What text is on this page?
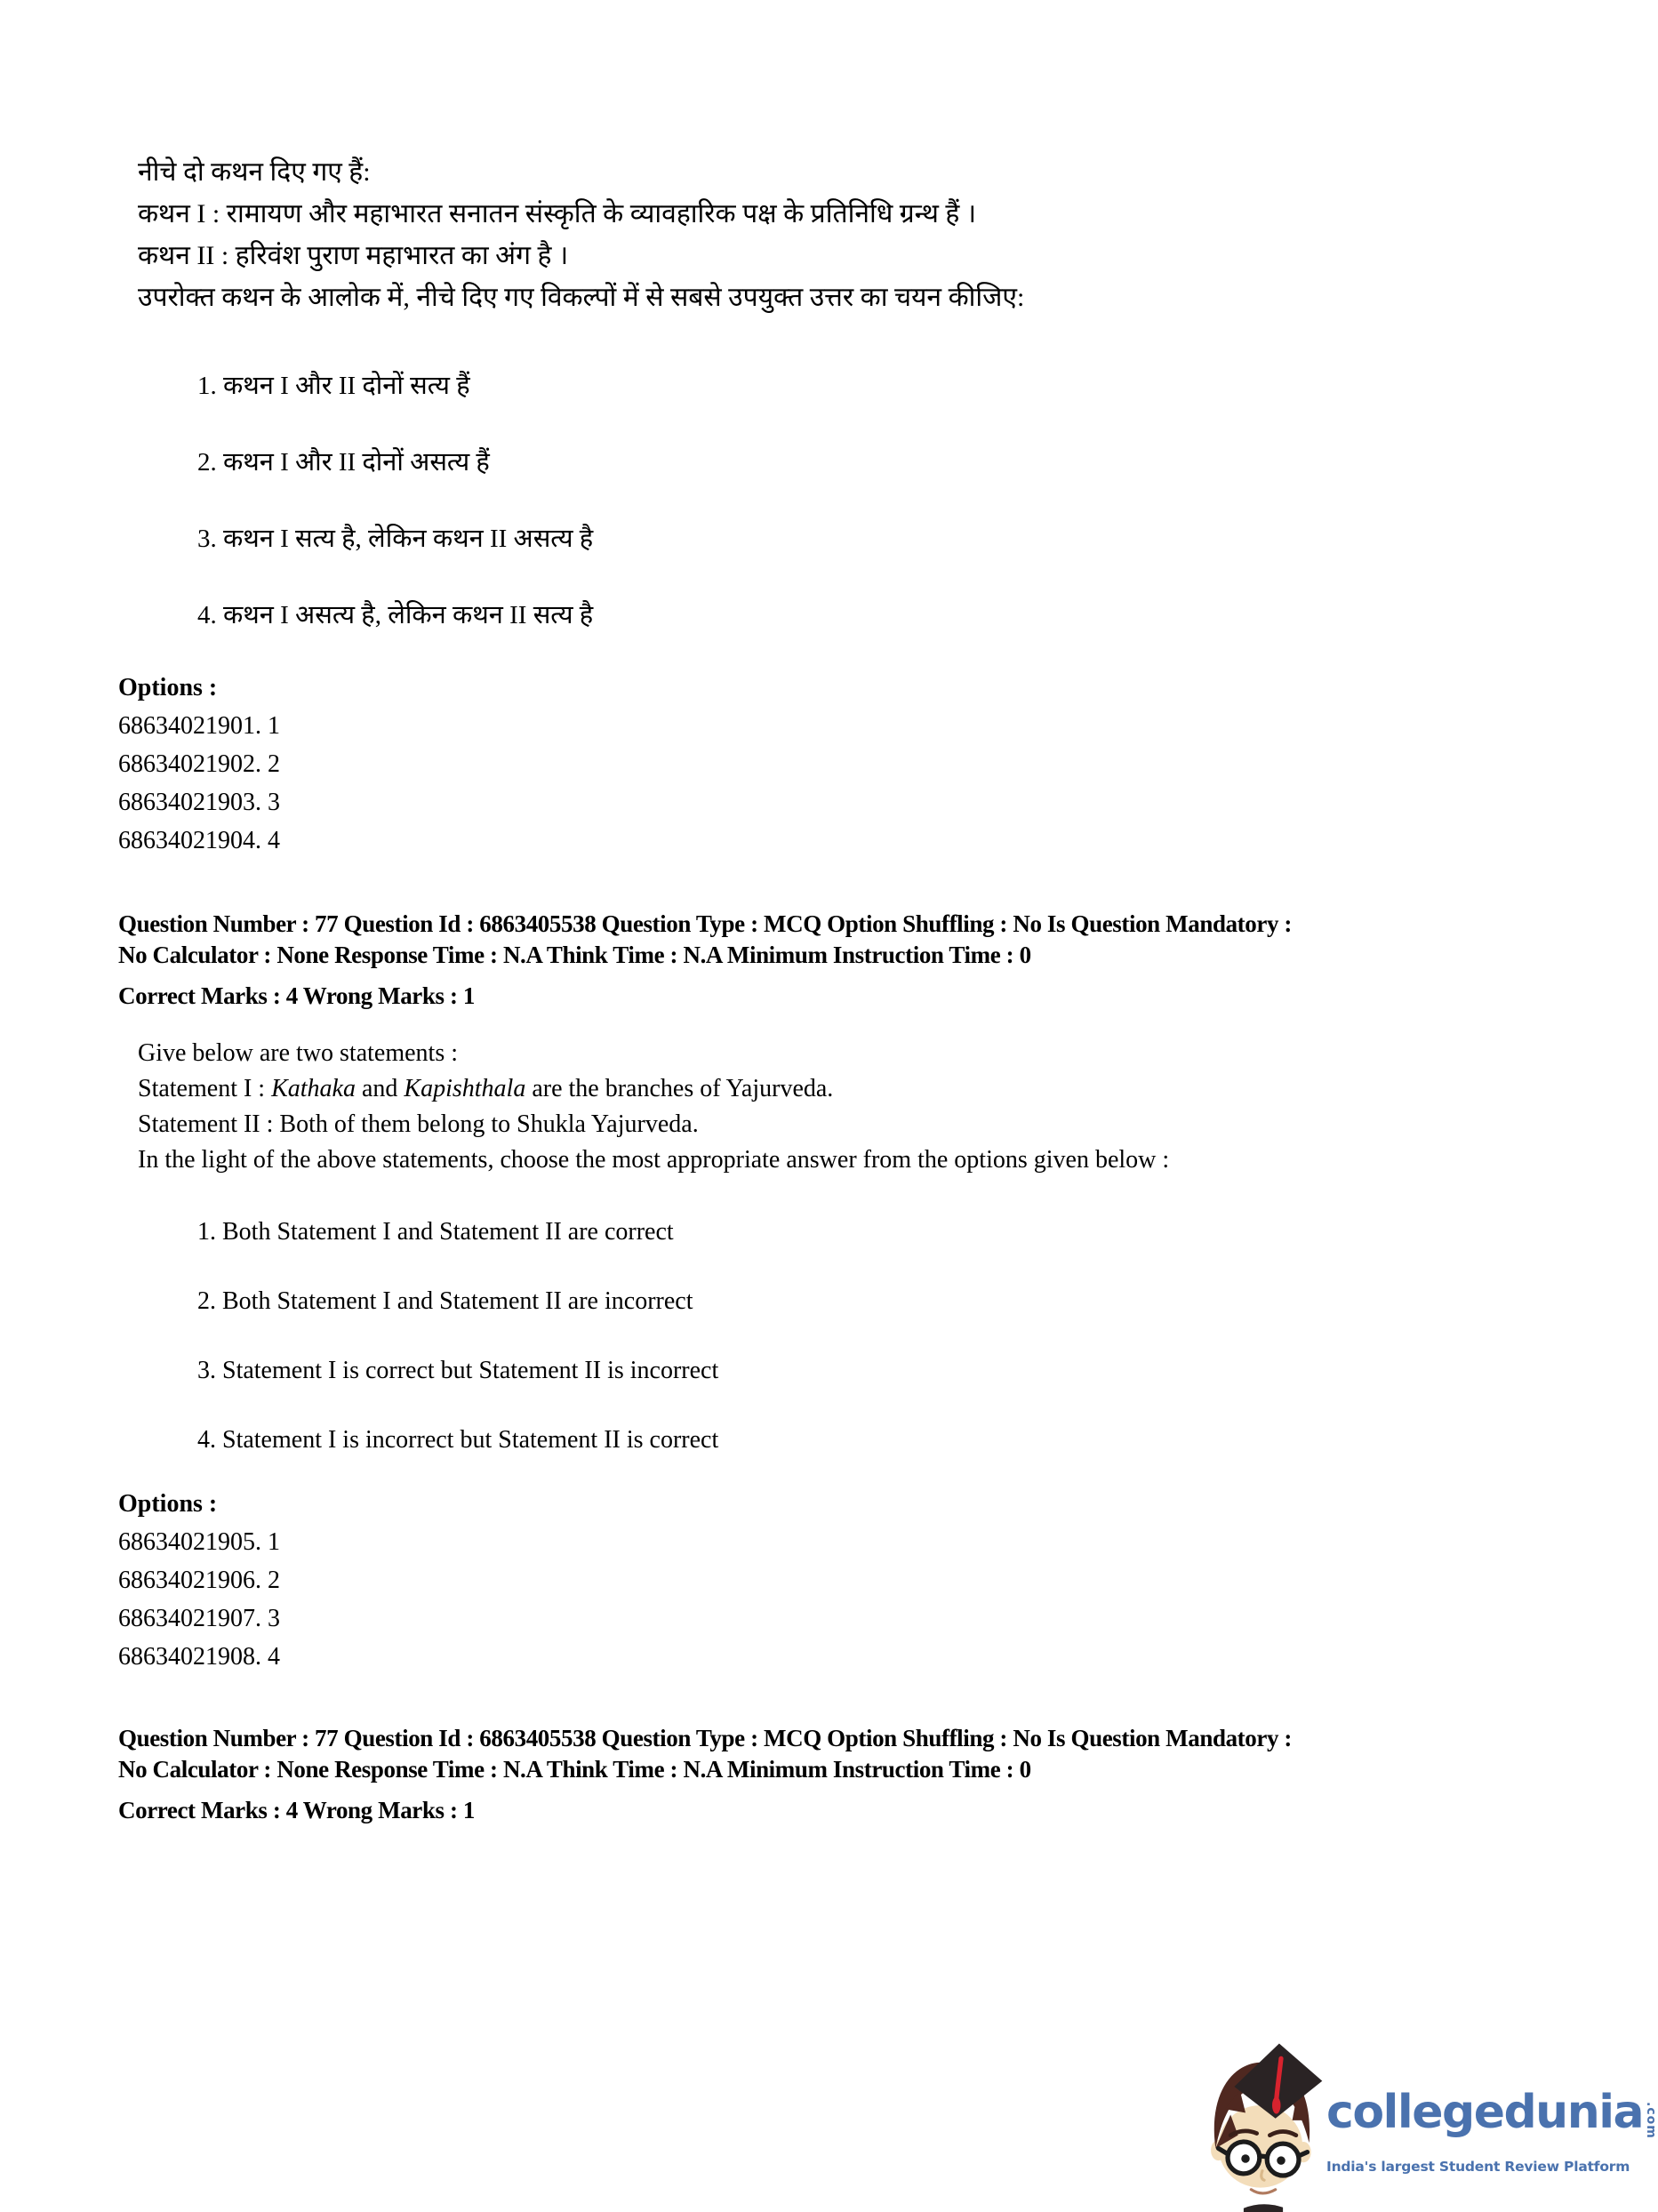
नीचे दो कथन दिए गए हैं:
कथन I : रामायण और महाभारत सनातन संस्कृति के व्यावहारिक पक्ष के प्रतिनिधि ग्रन्थ हैं ।
कथन II : हरिवंश पुराण महाभारत का अंग है ।
उपरोक्त कथन के आलोक में, नीचे दिए गए विकल्पों में से सबसे उपयुक्त उत्तर का चयन कीजिए:
1. कथन I और II दोनों सत्य हैं
2. कथन I और II दोनों असत्य हैं
3. कथन I सत्य है, लेकिन कथन II असत्य है
4. कथन I असत्य है, लेकिन कथन II सत्य है
Options :
68634021901. 1
68634021902. 2
68634021903. 3
68634021904. 4
Question Number : 77 Question Id : 6863405538 Question Type : MCQ Option Shuffling : No Is Question Mandatory :
No Calculator : None Response Time : N.A Think Time : N.A Minimum Instruction Time : 0
Correct Marks : 4 Wrong Marks : 1
Give below are two statements :
Statement I : Kathaka and Kapishthala are the branches of Yajurveda.
Statement II : Both of them belong to Shukla Yajurveda.
In the light of the above statements, choose the most appropriate answer from the options given below :
1. Both Statement I and Statement II are correct
2. Both Statement I and Statement II are incorrect
3. Statement I is correct but Statement II is incorrect
4. Statement I is incorrect but Statement II is correct
Options :
68634021905. 1
68634021906. 2
68634021907. 3
68634021908. 4
Question Number : 77 Question Id : 6863405538 Question Type : MCQ Option Shuffling : No Is Question Mandatory :
No Calculator : None Response Time : N.A Think Time : N.A Minimum Instruction Time : 0
Correct Marks : 4 Wrong Marks : 1
collegedunia .com
India's largest Student Review Platform
